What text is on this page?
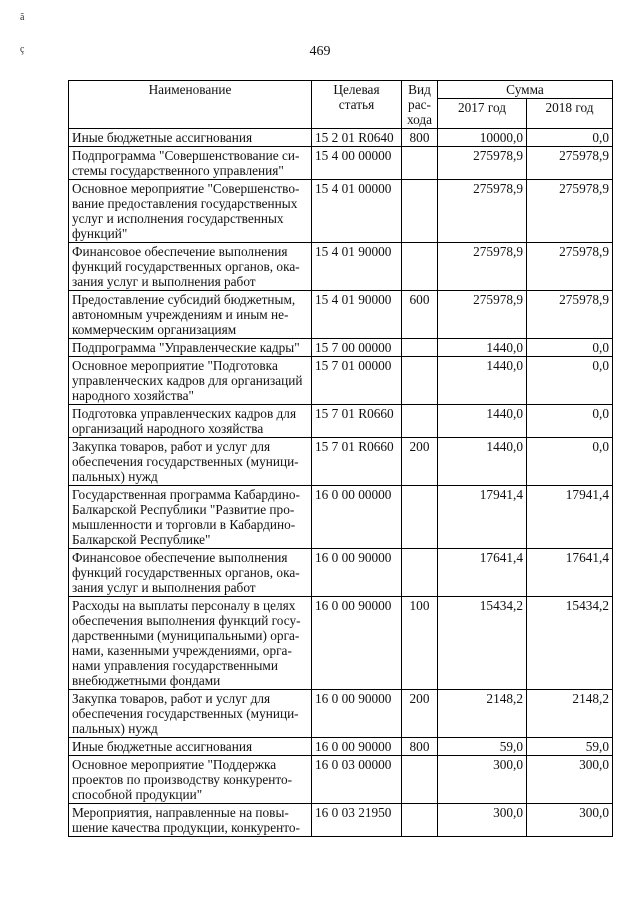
469
ã
ç
Наименование	Целевая статья	Вид рас-хода	Сумма	
			2017 год	2018 год
Иные бюджетные ассигнования	15 2 01 R0640	800	10000,0	0,0
Подпрограмма "Совершенствование си-стемы государственного управления"	15 4 00 00000		275978,9	275978,9
Основное мероприятие "Совершенство-вание предоставления государственных услуг и исполнения государственных функций"	15 4 01 00000		275978,9	275978,9
Финансовое обеспечение выполнения функций государственных органов, ока-зания услуг и выполнения работ	15 4 01 90000		275978,9	275978,9
Предоставление субсидий бюджетным, автономным учреждениям и иным не-коммерческим организациям	15 4 01 90000	600	275978,9	275978,9
Подпрограмма "Управленческие кадры"	15 7 00 00000		1440,0	0,0
Основное мероприятие "Подготовка управленческих кадров для организаций народного хозяйства"	15 7 01 00000		1440,0	0,0
Подготовка управленческих кадров для организаций народного хозяйства	15 7 01 R0660		1440,0	0,0
Закупка товаров, работ и услуг для обеспечения государственных (муници-пальных) нужд	15 7 01 R0660	200	1440,0	0,0
Государственная программа Кабардино-Балкарской Республики "Развитие про-мышленности и торговли в Кабардино-Балкарской Республике"	16 0 00 00000		17941,4	17941,4
Финансовое обеспечение выполнения функций государственных органов, ока-зания услуг и выполнения работ	16 0 00 90000		17641,4	17641,4
Расходы на выплаты персоналу в целях обеспечения выполнения функций госу-дарственными (муниципальными) орга-нами, казенными учреждениями, орга-нами управления государственными внебюджетными фондами	16 0 00 90000	100	15434,2	15434,2
Закупка товаров, работ и услуг для обеспечения государственных (муници-пальных) нужд	16 0 00 90000	200	2148,2	2148,2
Иные бюджетные ассигнования	16 0 00 90000	800	59,0	59,0
Основное мероприятие "Поддержка проектов по производству конкуренто-способной продукции"	16 0 03 00000		300,0	300,0
Мероприятия, направленные на повы-шение качества продукции, конкуренто-	16 0 03 21950		300,0	300,0
